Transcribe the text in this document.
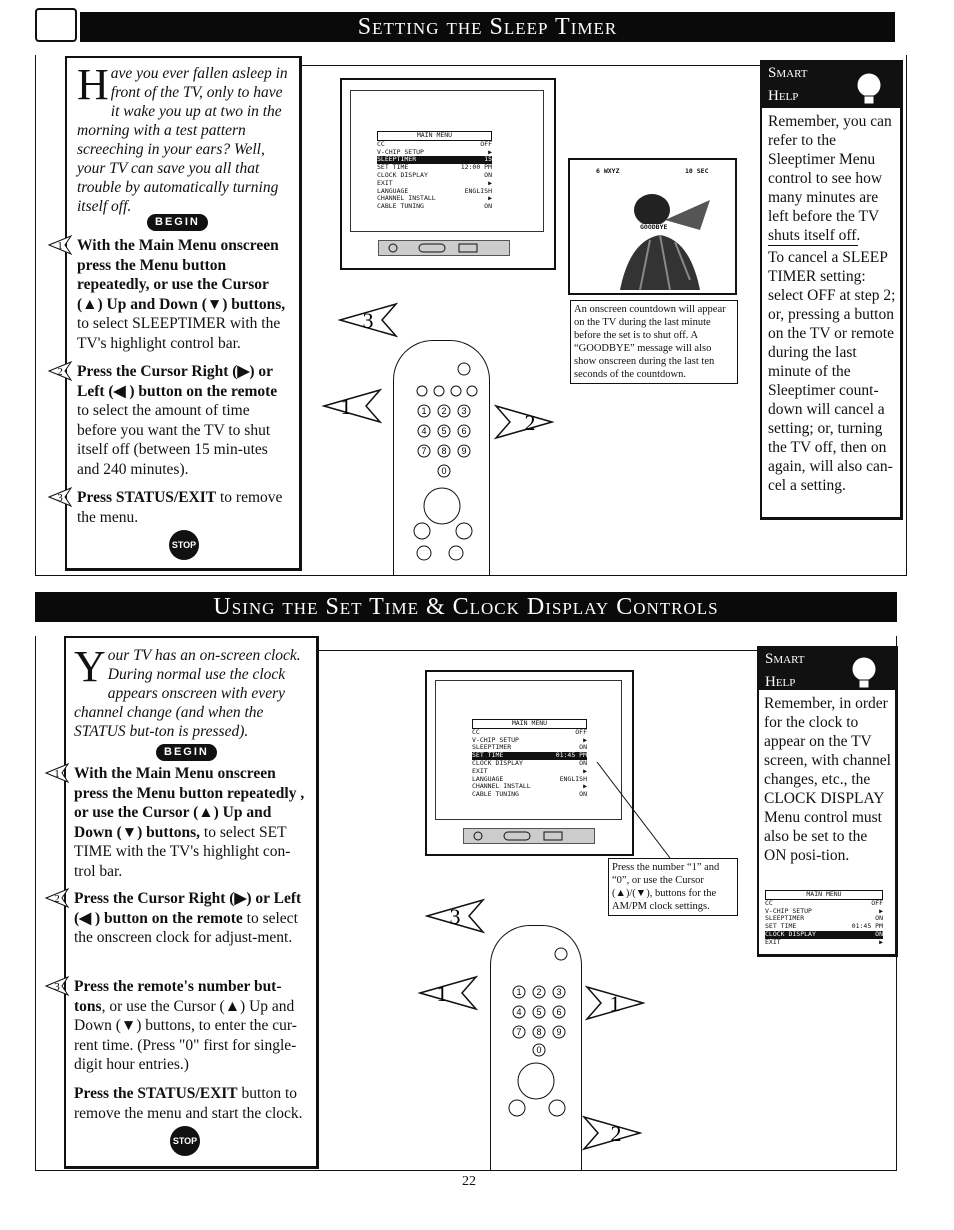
Setting the Sleep Timer
Have you ever fallen asleep in front of the TV, only to have it wake you up at two in the morning with a test pattern screeching in your ears? Well, your TV can save you all that trouble by automatically turning itself off.
BEGIN
1 With the Main Menu onscreen press the Menu button repeatedly, or use the Cursor (▲) Up and Down (▼) buttons, to select SLEEPTIMER with the TV's highlight control bar.
2 Press the Cursor Right (▶) or Left (◀ ) button on the remote to select the amount of time before you want the TV to shut itself off (between 15 min-utes and 240 minutes).
3 Press STATUS/EXIT to remove the menu.
STOP
MAIN MENU
CC	OFF
V-CHIP SETUP	▶
SLEEPTIMER	15
SET TIME	12:00 PM
CLOCK DISPLAY	ON
EXIT	▶
LANGUAGE	ENGLISH
CHANNEL INSTALL	▶
CABLE TUNING	ON
6 WXYZ	10 SEC
GOODBYE
An onscreen countdown will appear on the TV during the last minute before the set is to shut off. A “GOODBYE” message will also show onscreen during the last ten seconds of the countdown.
1 2 3
4 5 6
7 8 9
0
3
1
2
Smart
Help
Remember, you can refer to the Sleeptimer Menu control to see how many minutes are left before the TV shuts itself off.
To cancel a SLEEP TIMER setting: select OFF at step 2; or, pressing a button on the TV or remote during the last minute of the Sleeptimer count-down will cancel a setting; or, turning the TV off, then on again, will also can-cel a setting.
Using the Set Time & Clock Display Controls
Your TV has an on-screen clock. During normal use the clock appears onscreen with every channel change (and when the STATUS but-ton is pressed).
BEGIN
1 With the Main Menu onscreen press the Menu button repeatedly , or use the Cursor (▲) Up and Down (▼) buttons, to select SET TIME with the TV's highlight con-trol bar.
2 Press the Cursor Right (▶) or Left (◀ ) button on the remote to select the onscreen clock for adjust-ment.
3 Press the remote's number but-tons, or use the Cursor (▲) Up and Down (▼) buttons, to enter the cur-rent time. (Press "0" first for single-digit hour entries.)
Press the STATUS/EXIT button to remove the menu and start the clock.
STOP
MAIN MENU
CC	OFF
V-CHIP SETUP	▶
SLEEPTIMER	ON
SET TIME	01:45 PM
CLOCK DISPLAY	ON
EXIT	▶
LANGUAGE	ENGLISH
CHANNEL INSTALL	▶
CABLE TUNING	ON
Press the number “1” and “0”, or use the Cursor (▲)/(▼), buttons for the AM/PM clock settings.
1 2 3
4 5 6
7 8 9
0
3
1	1
2
Smart
Help
Remember, in order for the clock to appear on the TV screen, with channel changes, etc., the CLOCK DISPLAY Menu control must also be set to the ON posi-tion.
MAIN MENU
CC	OFF
V-CHIP SETUP	▶
SLEEPTIMER	ON
SET TIME	01:45 PM
CLOCK DISPLAY	ON
EXIT	▶
22
